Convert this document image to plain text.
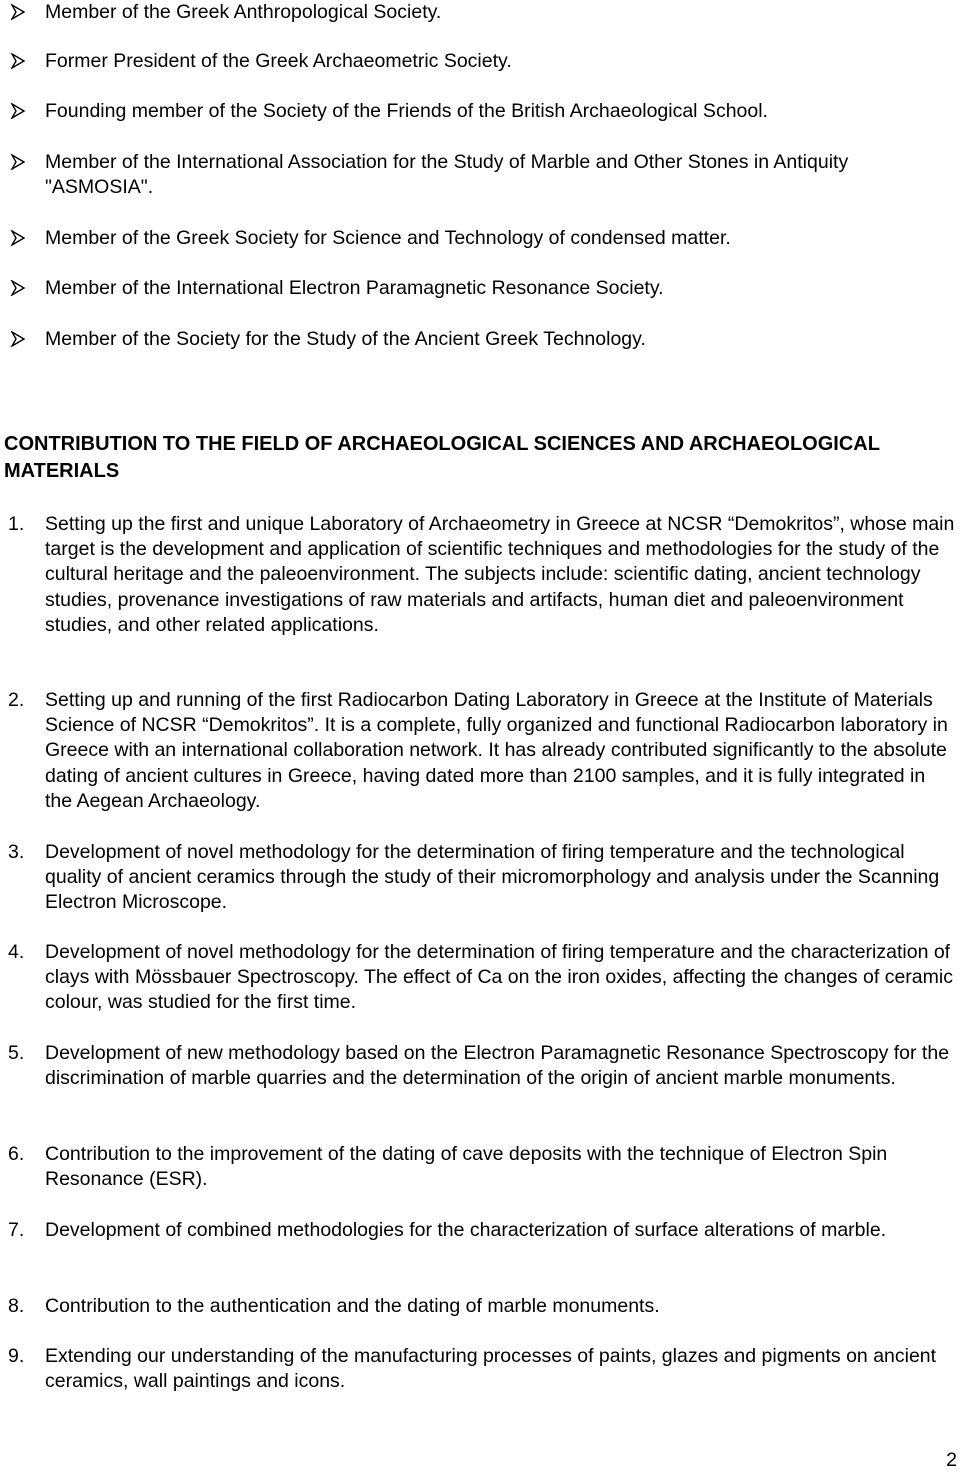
Member of the Greek Anthropological Society.
Former President of the Greek Archaeometric Society.
Founding member of the Society of the Friends of the British Archaeological School.
Member of the International Association for the Study of Marble and Other Stones in Antiquity "ASMOSIA".
Member of the Greek Society for Science and Technology of condensed matter.
Member of the International Electron Paramagnetic Resonance Society.
Member of the Society for the Study of the Ancient Greek Technology.
CONTRIBUTION TO THE FIELD OF ARCHAEOLOGICAL SCIENCES AND ARCHAEOLOGICAL MATERIALS
1.	Setting up the first and unique Laboratory of Archaeometry in Greece at NCSR “Demokritos”, whose main target is the development and application of scientific techniques and methodologies for the study of the cultural heritage and the paleoenvironment. The subjects include: scientific dating, ancient technology studies, provenance investigations of raw materials and artifacts, human diet and paleoenvironment studies, and other related applications.
2.	Setting up and running of the first Radiocarbon Dating Laboratory in Greece at the Institute of Materials Science of NCSR “Demokritos”. It is a complete, fully organized and functional Radiocarbon laboratory in Greece with an international collaboration network. It has already contributed significantly to the absolute dating of ancient cultures in Greece, having dated more than 2100 samples, and it is fully integrated in the Aegean Archaeology.
3.	Development of novel methodology for the determination of firing temperature and the technological quality of ancient ceramics through the study of their micromorphology and analysis under the Scanning Electron Microscope.
4.	Development of novel methodology for the determination of firing temperature and the characterization of clays with Mössbauer Spectroscopy. The effect of Ca on the iron oxides, affecting the changes of ceramic colour, was studied for the first time.
5.	Development of new methodology based on the Electron Paramagnetic Resonance Spectroscopy for the discrimination of marble quarries and the determination of the origin of ancient marble monuments.
6.	Contribution to the improvement of the dating of cave deposits with the technique of Electron Spin Resonance (ESR).
7.	Development of combined methodologies for the characterization of surface alterations of marble.
8.	Contribution to the authentication and the dating of marble monuments.
9.	Extending our understanding of the manufacturing processes of paints, glazes and pigments on ancient ceramics, wall paintings and icons.
2
